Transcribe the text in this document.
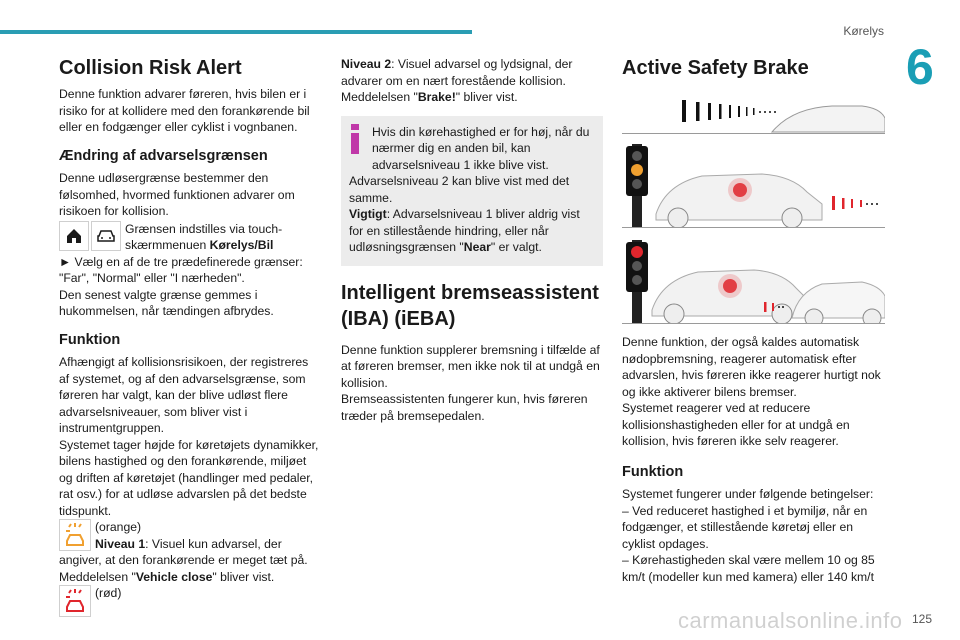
Kørelys
6
Collision Risk Alert

Denne funktion advarer føreren, hvis bilen er i risiko for at kollidere med den forankørende bil eller en fodgænger eller cyklist i vognbanen.

Ændring af advarselsgrænsen

Denne udløsergrænse bestemmer den følsomhed, hvormed funktionen advarer om risikoen for kollision.

Grænsen indstilles via touch-skærmmenuen Kørelys/Bil

► Vælg en af de tre prædefinerede grænser: "Far", "Normal" eller "I nærheden".

Den senest valgte grænse gemmes i hukommelsen, når tændingen afbrydes.

Funktion

Afhængigt af kollisionsrisikoen, der registreres af systemet, og af den advarselsgrænse, som føreren har valgt, kan der blive udløst flere advarselsniveauer, som bliver vist i instrumentgruppen.

Systemet tager højde for køretøjets dynamikker, bilens hastighed og den forankørende, miljøet og driften af køretøjet (handlinger med pedaler, rat osv.) for at udløse advarslen på det bedste tidspunkt.

(orange)

Niveau 1: Visuel kun advarsel, der angiver, at den forankørende er meget tæt på.

Meddelelsen "Vehicle close" bliver vist.

(rød)

Niveau 2: Visuel advarsel og lydsignal, der advarer om en nært forestående kollision.

Meddelelsen "Brake!" bliver vist.

Hvis din kørehastighed er for høj, når du nærmer dig en anden bil, kan advarselsniveau 1 ikke blive vist.

Advarselsniveau 2 kan blive vist med det samme.

Vigtigt: Advarselsniveau 1 bliver aldrig vist for en stillestående hindring, eller når udløsningsgrænsen "Near" er valgt.

Intelligent bremseassistent (IBA) (iEBA)

Denne funktion supplerer bremsning i tilfælde af at føreren bremser, men ikke nok til at undgå en kollision.

Bremseassistenten fungerer kun, hvis føreren træder på bremsepedalen.

Active Safety Brake

Denne funktion, der også kaldes automatisk nødopbremsning, reagerer automatisk efter advarslen, hvis føreren ikke reagerer hurtigt nok og ikke aktiverer bilens bremser.

Systemet reagerer ved at reducere kollisionshastigheden eller for at undgå en kollision, hvis føreren ikke selv reagerer.

Funktion

Systemet fungerer under følgende betingelser:

– Ved reduceret hastighed i et bymiljø, når en fodgænger, et stillestående køretøj eller en cyklist opdages.

– Kørehastigheden skal være mellem 10 og 85 km/t (modeller kun med kamera) eller 140 km/t

carmanualsonline.info 125
